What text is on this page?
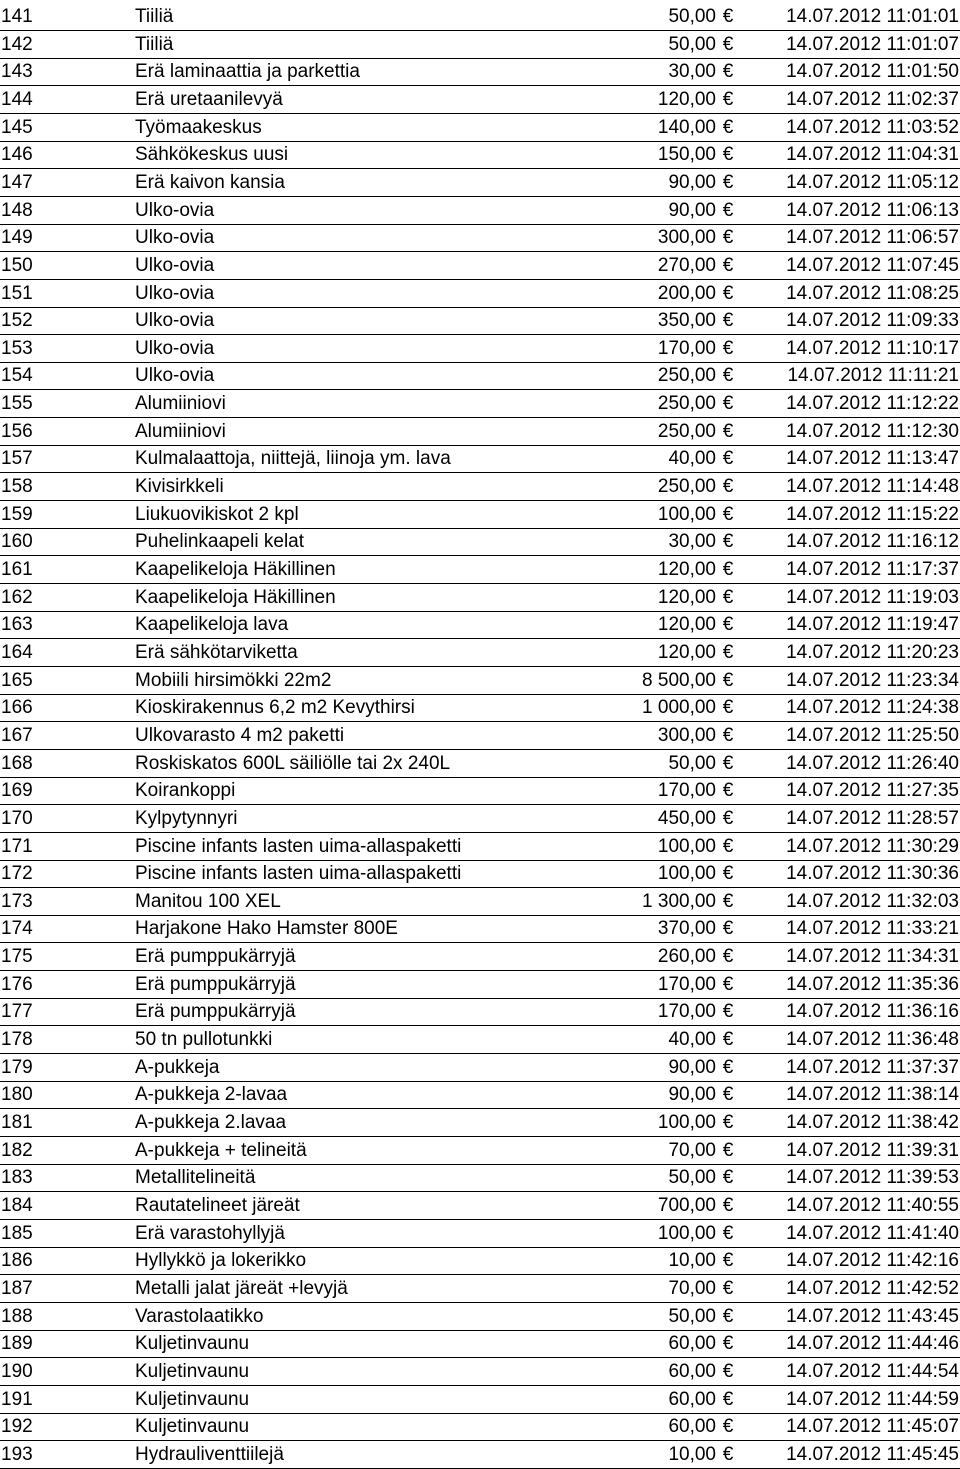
141	Tiiliä	50,00 €	14.07.2012 11:01:01
142	Tiiliä	50,00 €	14.07.2012 11:01:07
143	Erä laminaattia ja parkettia	30,00 €	14.07.2012 11:01:50
144	Erä uretaanilevyä	120,00 €	14.07.2012 11:02:37
145	Työmaakeskus	140,00 €	14.07.2012 11:03:52
146	Sähkökeskus uusi	150,00 €	14.07.2012 11:04:31
147	Erä kaivon kansia	90,00 €	14.07.2012 11:05:12
148	Ulko-ovia	90,00 €	14.07.2012 11:06:13
149	Ulko-ovia	300,00 €	14.07.2012 11:06:57
150	Ulko-ovia	270,00 €	14.07.2012 11:07:45
151	Ulko-ovia	200,00 €	14.07.2012 11:08:25
152	Ulko-ovia	350,00 €	14.07.2012 11:09:33
153	Ulko-ovia	170,00 €	14.07.2012 11:10:17
154	Ulko-ovia	250,00 €	14.07.2012 11:11:21
155	Alumiiniovi	250,00 €	14.07.2012 11:12:22
156	Alumiiniovi	250,00 €	14.07.2012 11:12:30
157	Kulmalaattoja, niittejä, liinoja ym. lava	40,00 €	14.07.2012 11:13:47
158	Kivisirkkeli	250,00 €	14.07.2012 11:14:48
159	Liukuovikiskot 2 kpl	100,00 €	14.07.2012 11:15:22
160	Puhelinkaapeli kelat	30,00 €	14.07.2012 11:16:12
161	Kaapelikeloja Häkillinen	120,00 €	14.07.2012 11:17:37
162	Kaapelikeloja Häkillinen	120,00 €	14.07.2012 11:19:03
163	Kaapelikeloja lava	120,00 €	14.07.2012 11:19:47
164	Erä sähkötarviketta	120,00 €	14.07.2012 11:20:23
165	Mobiili hirsimökki 22m2	8 500,00 €	14.07.2012 11:23:34
166	Kioskirakennus 6,2 m2 Kevythirsi	1 000,00 €	14.07.2012 11:24:38
167	Ulkovarasto 4 m2 paketti	300,00 €	14.07.2012 11:25:50
168	Roskiskatos 600L säiliölle tai 2x 240L	50,00 €	14.07.2012 11:26:40
169	Koirankoppi	170,00 €	14.07.2012 11:27:35
170	Kylpytynnyri	450,00 €	14.07.2012 11:28:57
171	Piscine infants lasten uima-allaspaketti	100,00 €	14.07.2012 11:30:29
172	Piscine infants lasten uima-allaspaketti	100,00 €	14.07.2012 11:30:36
173	Manitou 100 XEL	1 300,00 €	14.07.2012 11:32:03
174	Harjakone Hako Hamster 800E	370,00 €	14.07.2012 11:33:21
175	Erä pumppukärryjä	260,00 €	14.07.2012 11:34:31
176	Erä pumppukärryjä	170,00 €	14.07.2012 11:35:36
177	Erä pumppukärryjä	170,00 €	14.07.2012 11:36:16
178	50 tn pullotunkki	40,00 €	14.07.2012 11:36:48
179	A-pukkeja	90,00 €	14.07.2012 11:37:37
180	A-pukkeja 2-lavaa	90,00 €	14.07.2012 11:38:14
181	A-pukkeja 2.lavaa	100,00 €	14.07.2012 11:38:42
182	A-pukkeja + telineitä	70,00 €	14.07.2012 11:39:31
183	Metallitelineitä	50,00 €	14.07.2012 11:39:53
184	Rautatelineet järeät	700,00 €	14.07.2012 11:40:55
185	Erä varastohyllyjä	100,00 €	14.07.2012 11:41:40
186	Hyllykkö ja lokerikko	10,00 €	14.07.2012 11:42:16
187	Metalli jalat järeät +levyjä	70,00 €	14.07.2012 11:42:52
188	Varastolaatikko	50,00 €	14.07.2012 11:43:45
189	Kuljetinvaunu	60,00 €	14.07.2012 11:44:46
190	Kuljetinvaunu	60,00 €	14.07.2012 11:44:54
191	Kuljetinvaunu	60,00 €	14.07.2012 11:44:59
192	Kuljetinvaunu	60,00 €	14.07.2012 11:45:07
193	Hydrauliventtiilejä	10,00 €	14.07.2012 11:45:45
